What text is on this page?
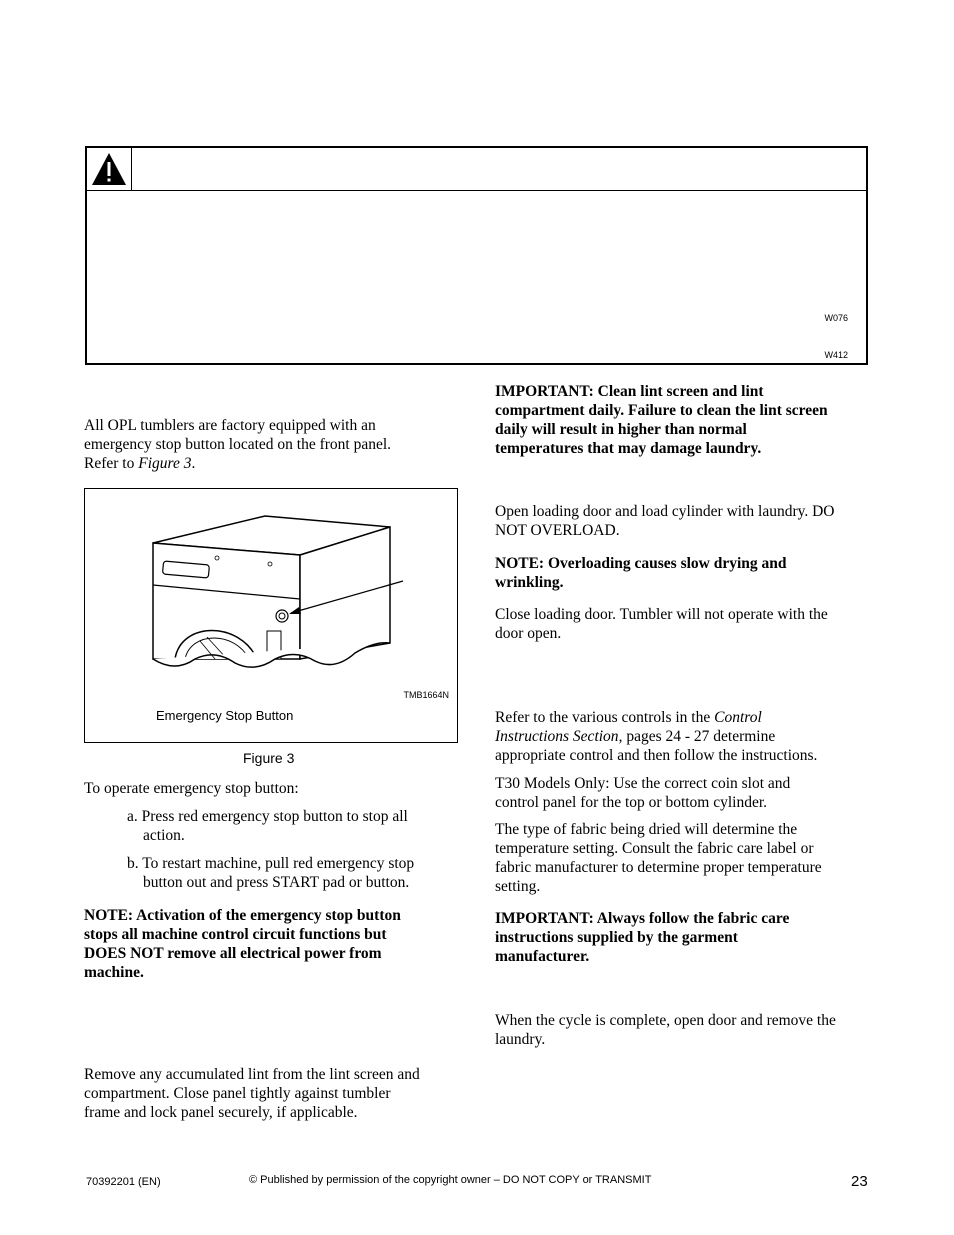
W076
W412

All OPL tumblers are factory equipped with an

emergency stop button located on the front panel.

Refer to Figure 3.

TMB1664N
Emergency Stop Button
Figure 3
To operate emergency stop button:
a. Press red emergency stop button to stop all
action.
b. To restart machine, pull red emergency stop
button out and press START pad or button.

NOTE: Activation of the emergency stop button

stops all machine control circuit functions but

DOES NOT remove all electrical power from

machine.

Remove any accumulated lint from the lint screen and

compartment. Close panel tightly against tumbler

frame and lock panel securely, if applicable.

IMPORTANT: Clean lint screen and lint

compartment daily. Failure to clean the lint screen

daily will result in higher than normal

temperatures that may damage laundry.

Open loading door and load cylinder with laundry. DO

NOT OVERLOAD.

NOTE: Overloading causes slow drying and

wrinkling.

Close loading door. Tumbler will not operate with the

door open.

Refer to the various controls in the Control

Instructions Section, pages 24 - 27 determine

appropriate control and then follow the instructions.

T30 Models Only: Use the correct coin slot and

control panel for the top or bottom cylinder.

The type of fabric being dried will determine the

temperature setting. Consult the fabric care label or

fabric manufacturer to determine proper temperature

setting.

IMPORTANT: Always follow the fabric care

instructions supplied by the garment

manufacturer.

When the cycle is complete, open door and remove the

laundry.

70392201 (EN)	© Published by permission of the copyright owner – DO NOT COPY or TRANSMIT	23
